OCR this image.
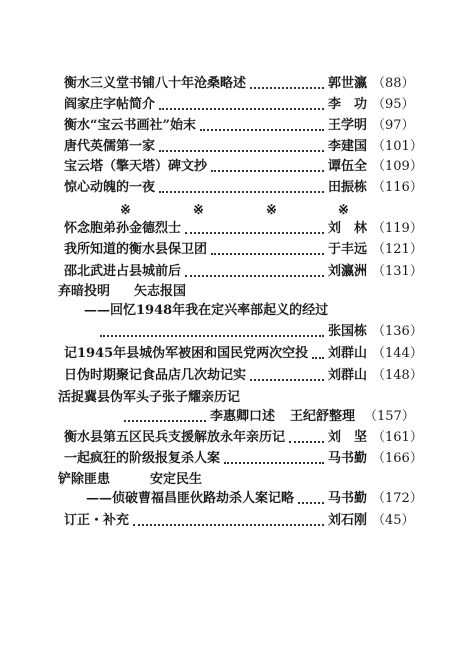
衡水三义堂书铺八十年沧桑略述	郭世瀛 （88）
阎家庄字帖简介	李　功 （95）
衡水“宝云书画社”始末	王学明 （97）
唐代英儒第一家	李建国 （101）
宝云塔（擎天塔）碑文抄	谭伍全 （109）
惊心动魄的一夜	田振栋 （116）
※	※	※	※
怀念胞弟孙金德烈士	刘　林 （119）
我所知道的衡水县保卫团	于丰远 （121）
邵北武进占县城前后	刘瀛洲 （131）
弃暗投明 矢志报国
——回忆1948年我在定兴率部起义的经过
张国栋 （136）
记1945年县城伪军被困和国民党两次空投 刘群山 （144）
日伪时期聚记食品店几次劫记实	刘群山 （148）
活捉冀县伪军头子张子耀亲历记
李惠卿口述 王纪舒整理 （157）
衡水县第五区民兵支援解放永年亲历记	刘　坚 （161）
一起疯狂的阶级报复杀人案	马书勤 （166）
铲除匪患	安定民生
——侦破曹福昌匪伙路劫杀人案记略	马书勤 （172）
订正・补充	刘石刚 （45）
